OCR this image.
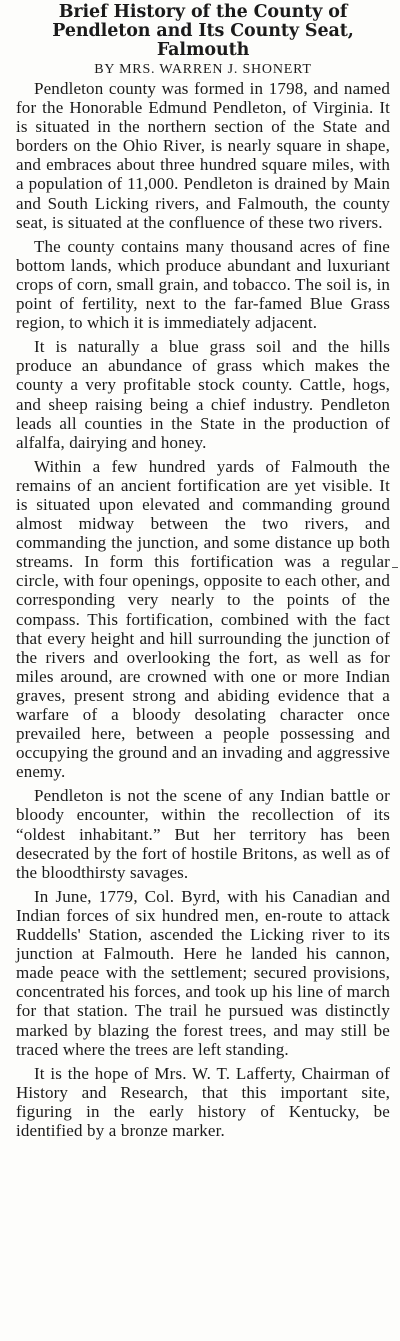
Brief History of the County of Pendleton and Its County Seat, Falmouth
BY MRS. WARREN J. SHONERT

Pendleton county was formed in 1798, and named for the Honorable Edmund Pendleton, of Virginia. It is situated in the northern section of the State and borders on the Ohio River, is nearly square in shape, and embraces about three hundred square miles, with a population of 11,000. Pendleton is drained by Main and South Licking rivers, and Falmouth, the county seat, is situated at the confluence of these two rivers.

The county contains many thousand acres of fine bottom lands, which produce abundant and luxuriant crops of corn, small grain, and tobacco. The soil is, in point of fertility, next to the far-famed Blue Grass region, to which it is immediately adjacent.

It is naturally a blue grass soil and the hills produce an abundance of grass which makes the county a very profitable stock county. Cattle, hogs, and sheep raising being a chief industry. Pendleton leads all counties in the State in the production of alfalfa, dairying and honey.

Within a few hundred yards of Falmouth the remains of an ancient fortification are yet visible. It is situated upon elevated and commanding ground almost midway between the two rivers, and commanding the junction, and some distance up both streams. In form this fortification was a regular circle, with four openings, opposite to each other, and corresponding very nearly to the points of the compass. This fortification, combined with the fact that every height and hill surrounding the junction of the rivers and overlooking the fort, as well as for miles around, are crowned with one or more Indian graves, present strong and abiding evidence that a warfare of a bloody desolating character once prevailed here, between a people possessing and occupying the ground and an invading and aggressive enemy.

Pendleton is not the scene of any Indian battle or bloody encounter, within the recollection of its “oldest inhabitant.” But her territory has been desecrated by the fort of hostile Britons, as well as of the bloodthirsty savages.

In June, 1779, Col. Byrd, with his Canadian and Indian forces of six hundred men, en-route to attack Ruddells' Station, ascended the Licking river to its junction at Falmouth. Here he landed his cannon, made peace with the settlement; secured provisions, concentrated his forces, and took up his line of march for that station. The trail he pursued was distinctly marked by blazing the forest trees, and may still be traced where the trees are left standing.

It is the hope of Mrs. W. T. Lafferty, Chairman of History and Research, that this important site, figuring in the early history of Kentucky, be identified by a bronze marker.
